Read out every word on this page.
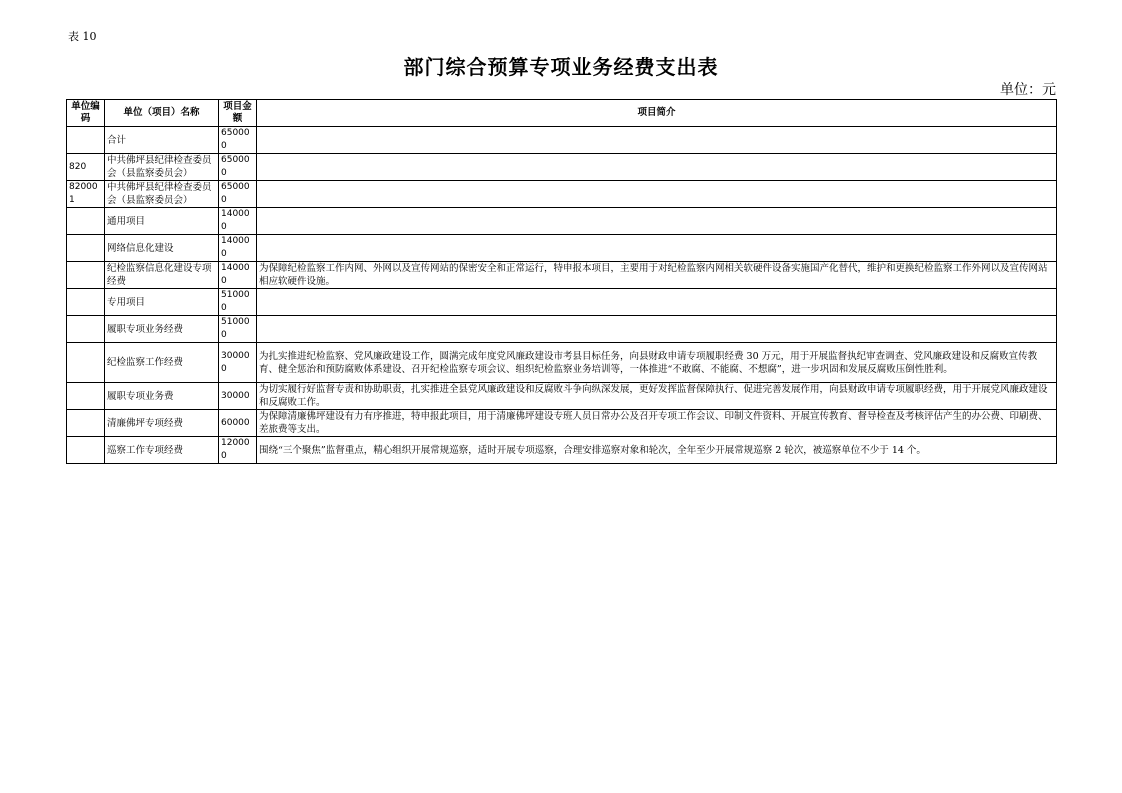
表 10
部门综合预算专项业务经费支出表
单位：元
单位编码	单位（项目）名称	项目金额	项目简介
	合计	650000	
820	中共佛坪县纪律检查委员会（县监察委员会）	650000	
820001	中共佛坪县纪律检查委员会（县监察委员会）	650000	
	通用项目	140000	
	网络信息化建设	140000	
	纪检监察信息化建设专项经费	140000	为保障纪检监察工作内网、外网以及宣传网站的保密安全和正常运行，特申报本项目，主要用于对纪检监察内网相关软硬件设备实施国产化替代，维护和更换纪检监察工作外网以及宣传网站相应软硬件设施。
	专用项目	510000	
	履职专项业务经费	510000	
	纪检监察工作经费	300000	为扎实推进纪检监察、党风廉政建设工作，圆满完成年度党风廉政建设市考县目标任务，向县财政申请专项履职经费 30 万元，用于开展监督执纪审查调查、党风廉政建设和反腐败宣传教育、健全惩治和预防腐败体系建设、召开纪检监察专项会议、组织纪检监察业务培训等，一体推进“不敢腐、不能腐、不想腐”，进一步巩固和发展反腐败压倒性胜利。
	履职专项业务费	30000	为切实履行好监督专责和协助职责，扎实推进全县党风廉政建设和反腐败斗争向纵深发展，更好发挥监督保障执行、促进完善发展作用，向县财政申请专项履职经费，用于开展党风廉政建设和反腐败工作。
	清廉佛坪专项经费	60000	为保障清廉佛坪建设有力有序推进，特申报此项目，用于清廉佛坪建设专班人员日常办公及召开专项工作会议、印制文件资料、开展宣传教育、督导检查及考核评估产生的办公费、印刷费、差旅费等支出。
	巡察工作专项经费	120000	围绕“三个聚焦”监督重点，精心组织开展常规巡察，适时开展专项巡察，合理安排巡察对象和轮次，全年至少开展常规巡察 2 轮次，被巡察单位不少于 14 个。
